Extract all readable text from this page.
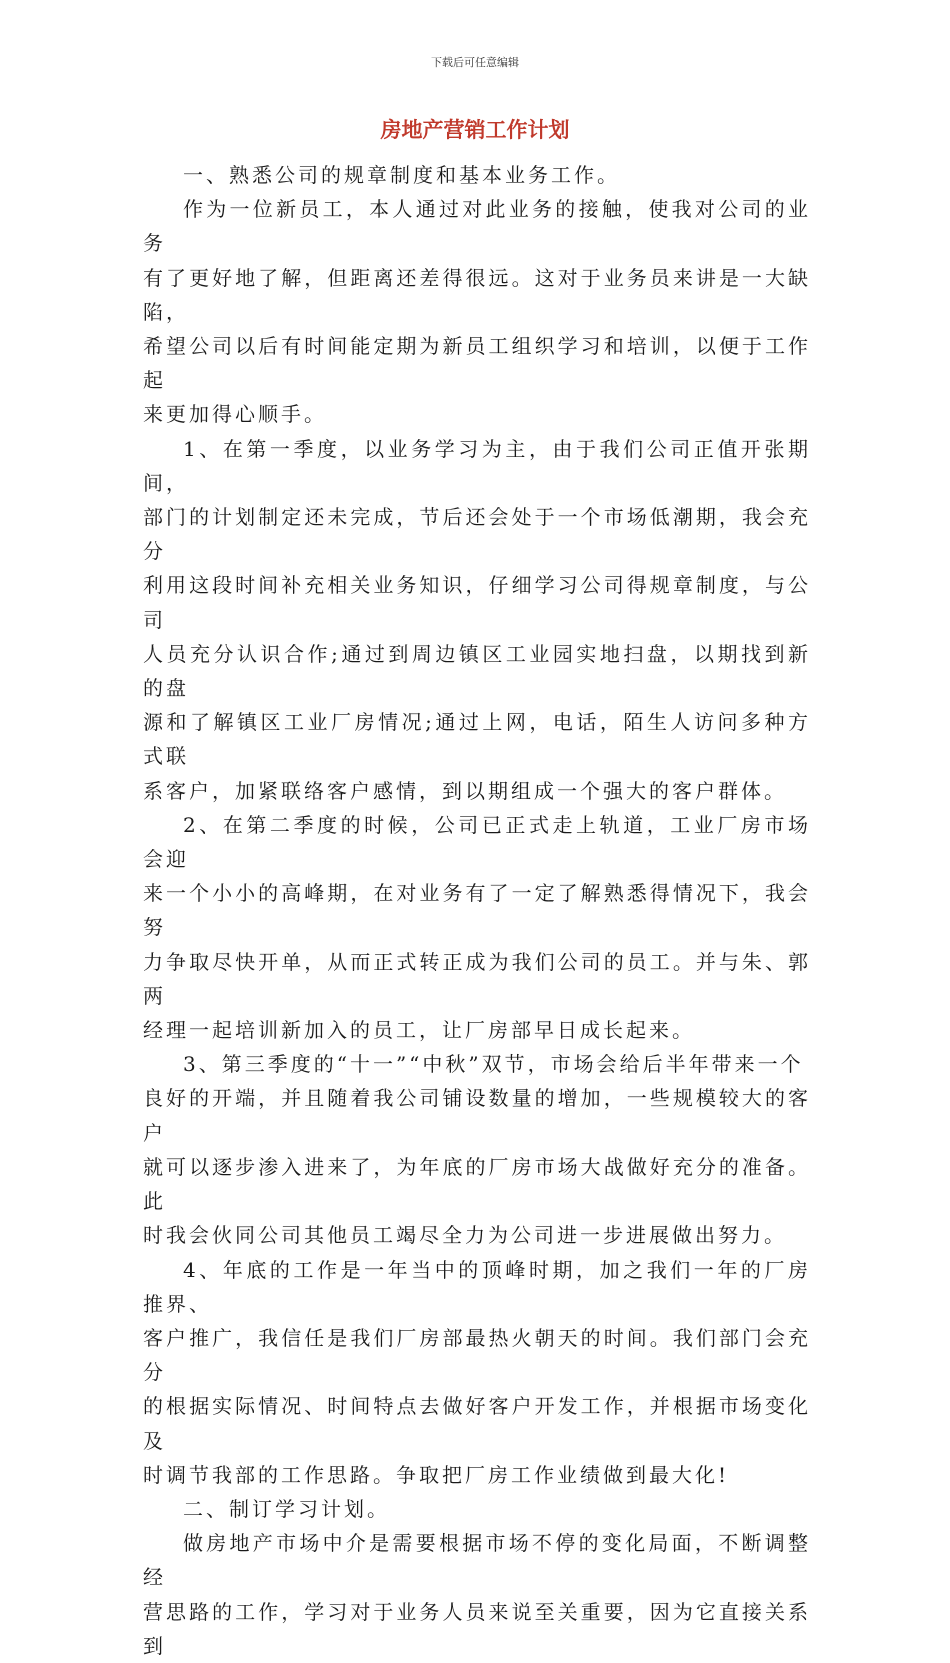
下载后可任意编辑
房地产营销工作计划

一、熟悉公司的规章制度和基本业务工作。

作为一位新员工，本人通过对此业务的接触，使我对公司的业务
有了更好地了解，但距离还差得很远。这对于业务员来讲是一大缺陷，
希望公司以后有时间能定期为新员工组织学习和培训，以便于工作起
来更加得心顺手。

1、在第一季度，以业务学习为主，由于我们公司正值开张期间，
部门的计划制定还未完成，节后还会处于一个市场低潮期，我会充分
利用这段时间补充相关业务知识，仔细学习公司得规章制度，与公司
人员充分认识合作;通过到周边镇区工业园实地扫盘，以期找到新的盘
源和了解镇区工业厂房情况;通过上网，电话，陌生人访问多种方式联
系客户，加紧联络客户感情，到以期组成一个强大的客户群体。

2、在第二季度的时候，公司已正式走上轨道，工业厂房市场会迎
来一个小小的高峰期，在对业务有了一定了解熟悉得情况下，我会努
力争取尽快开单，从而正式转正成为我们公司的员工。并与朱、郭两
经理一起培训新加入的员工，让厂房部早日成长起来。

3、第三季度的“十一”“中秋”双节，市场会给后半年带来一个
良好的开端，并且随着我公司铺设数量的增加，一些规模较大的客户
就可以逐步渗入进来了，为年底的厂房市场大战做好充分的准备。此
时我会伙同公司其他员工竭尽全力为公司进一步进展做出努力。

4、年底的工作是一年当中的顶峰时期，加之我们一年的厂房推界、
客户推广，我信任是我们厂房部最热火朝天的时间。我们部门会充分
的根据实际情况、时间特点去做好客户开发工作，并根据市场变化及
时调节我部的工作思路。争取把厂房工作业绩做到最大化!

二、制订学习计划。

做房地产市场中介是需要根据市场不停的变化局面，不断调整经
营思路的工作，学习对于业务人员来说至关重要，因为它直接关系到
